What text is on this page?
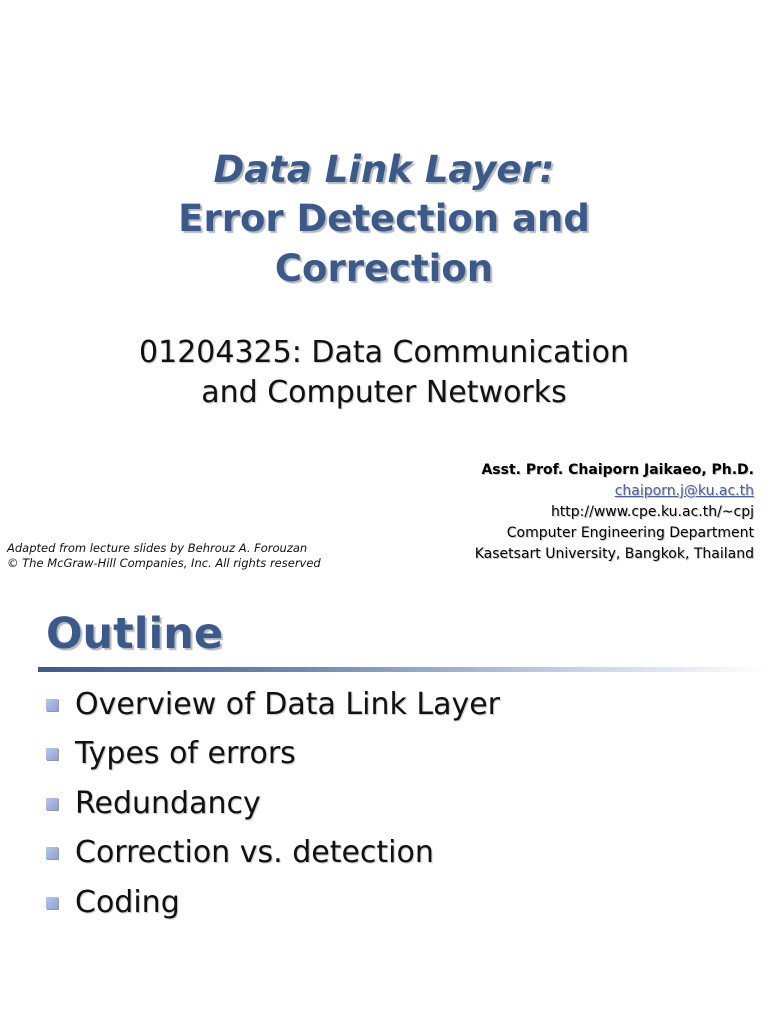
Data Link Layer:
Error Detection and
Correction
01204325: Data Communication
and Computer Networks
Asst. Prof. Chaiporn Jaikaeo, Ph.D.
chaiporn.j@ku.ac.th
http://www.cpe.ku.ac.th/~cpj
Computer Engineering Department
Kasetsart University, Bangkok, Thailand
Adapted from lecture slides by Behrouz A. Forouzan
© The McGraw-Hill Companies, Inc. All rights reserved
Outline
Overview of Data Link Layer
Types of errors
Redundancy
Correction vs. detection
Coding
